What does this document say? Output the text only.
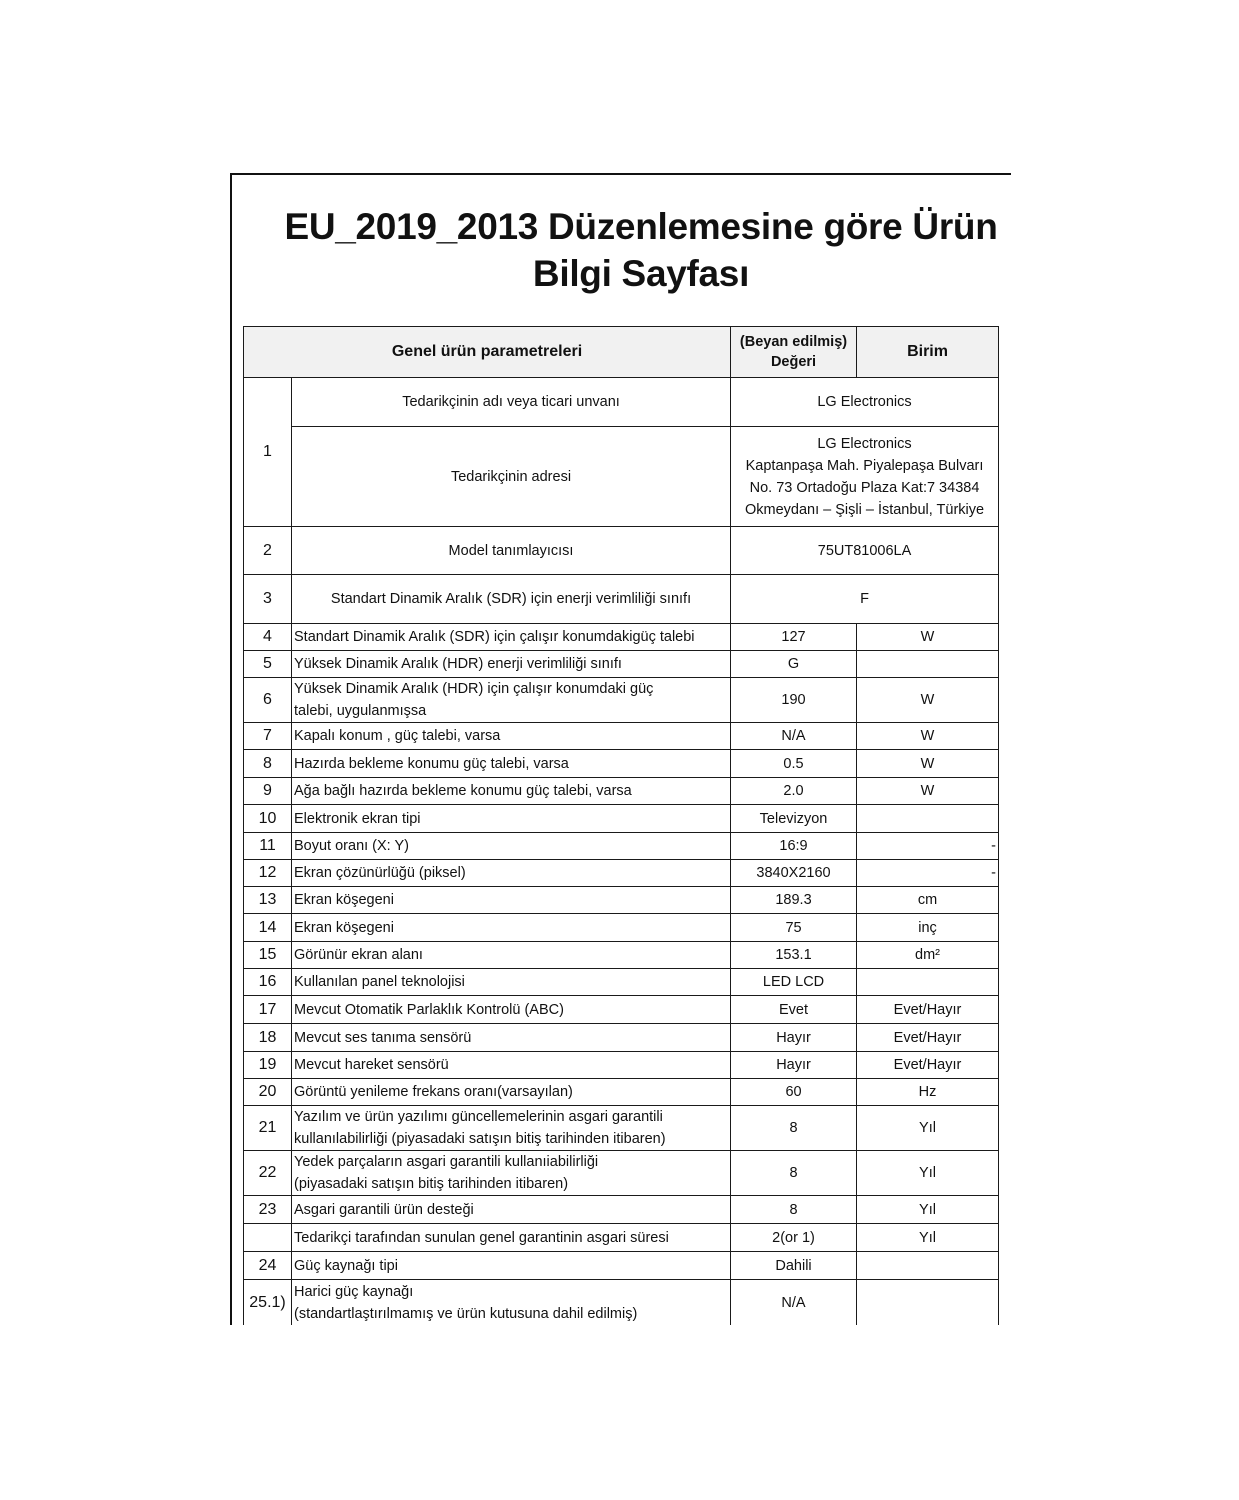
EU_2019_2013 Düzenlemesine göre Ürün
Bilgi Sayfası
Genel ürün parametreleri		(Beyan edilmiş)
Değeri	Birim
1	Tedarikçinin adı veya ticari unvanı	LG Electronics	
	Tedarikçinin adresi	LG Electronics
Kaptanpaşa Mah. Piyalepaşa Bulvarı
No. 73 Ortadoğu Plaza Kat:7 34384
Okmeydanı – Şişli – İstanbul, Türkiye	
2	Model tanımlayıcısı	75UT81006LA	
3	Standart Dinamik Aralık (SDR) için enerji verimliliği sınıfı	F	
4	Standart Dinamik Aralık (SDR) için çalışır konumdakigüç talebi	127	W
5	Yüksek Dinamik Aralık (HDR) enerji verimliliği sınıfı	G	
6	Yüksek Dinamik Aralık (HDR) için çalışır konumdaki güç
talebi, uygulanmışsa	190	W
7	Kapalı konum , güç talebi, varsa	N/A	W
8	Hazırda bekleme konumu güç talebi, varsa	0.5	W
9	Ağa bağlı hazırda bekleme konumu güç talebi, varsa	2.0	W
10	Elektronik ekran tipi	Televizyon	
11	Boyut oranı (X: Y)	16:9	-
12	Ekran çözünürlüğü (piksel)	3840X2160	-
13	Ekran köşegeni	189.3	cm
14	Ekran köşegeni	75	inç
15	Görünür ekran alanı	153.1	dm²
16	Kullanılan panel teknolojisi	LED LCD	
17	Mevcut Otomatik Parlaklık Kontrolü (ABC)	Evet	Evet/Hayır
18	Mevcut ses tanıma sensörü	Hayır	Evet/Hayır
19	Mevcut hareket sensörü	Hayır	Evet/Hayır
20	Görüntü yenileme frekans oranı(varsayılan)	60	Hz
21	Yazılım ve ürün yazılımı güncellemelerinin asgari garantili
kullanılabilirliği (piyasadaki satışın bitiş tarihinden itibaren)	8	Yıl
22	Yedek parçaların asgari garantili kullanıiabilirliği
(piyasadaki satışın bitiş tarihinden itibaren)	8	Yıl
23	Asgari garantili ürün desteği	8	Yıl
	Tedarikçi tarafından sunulan genel garantinin asgari süresi	2(or 1)	Yıl
24	Güç kaynağı tipi	Dahili	
25.1)	Harici güç kaynağı
(standartlaştırılmamış ve ürün kutusuna dahil edilmiş)	N/A	
